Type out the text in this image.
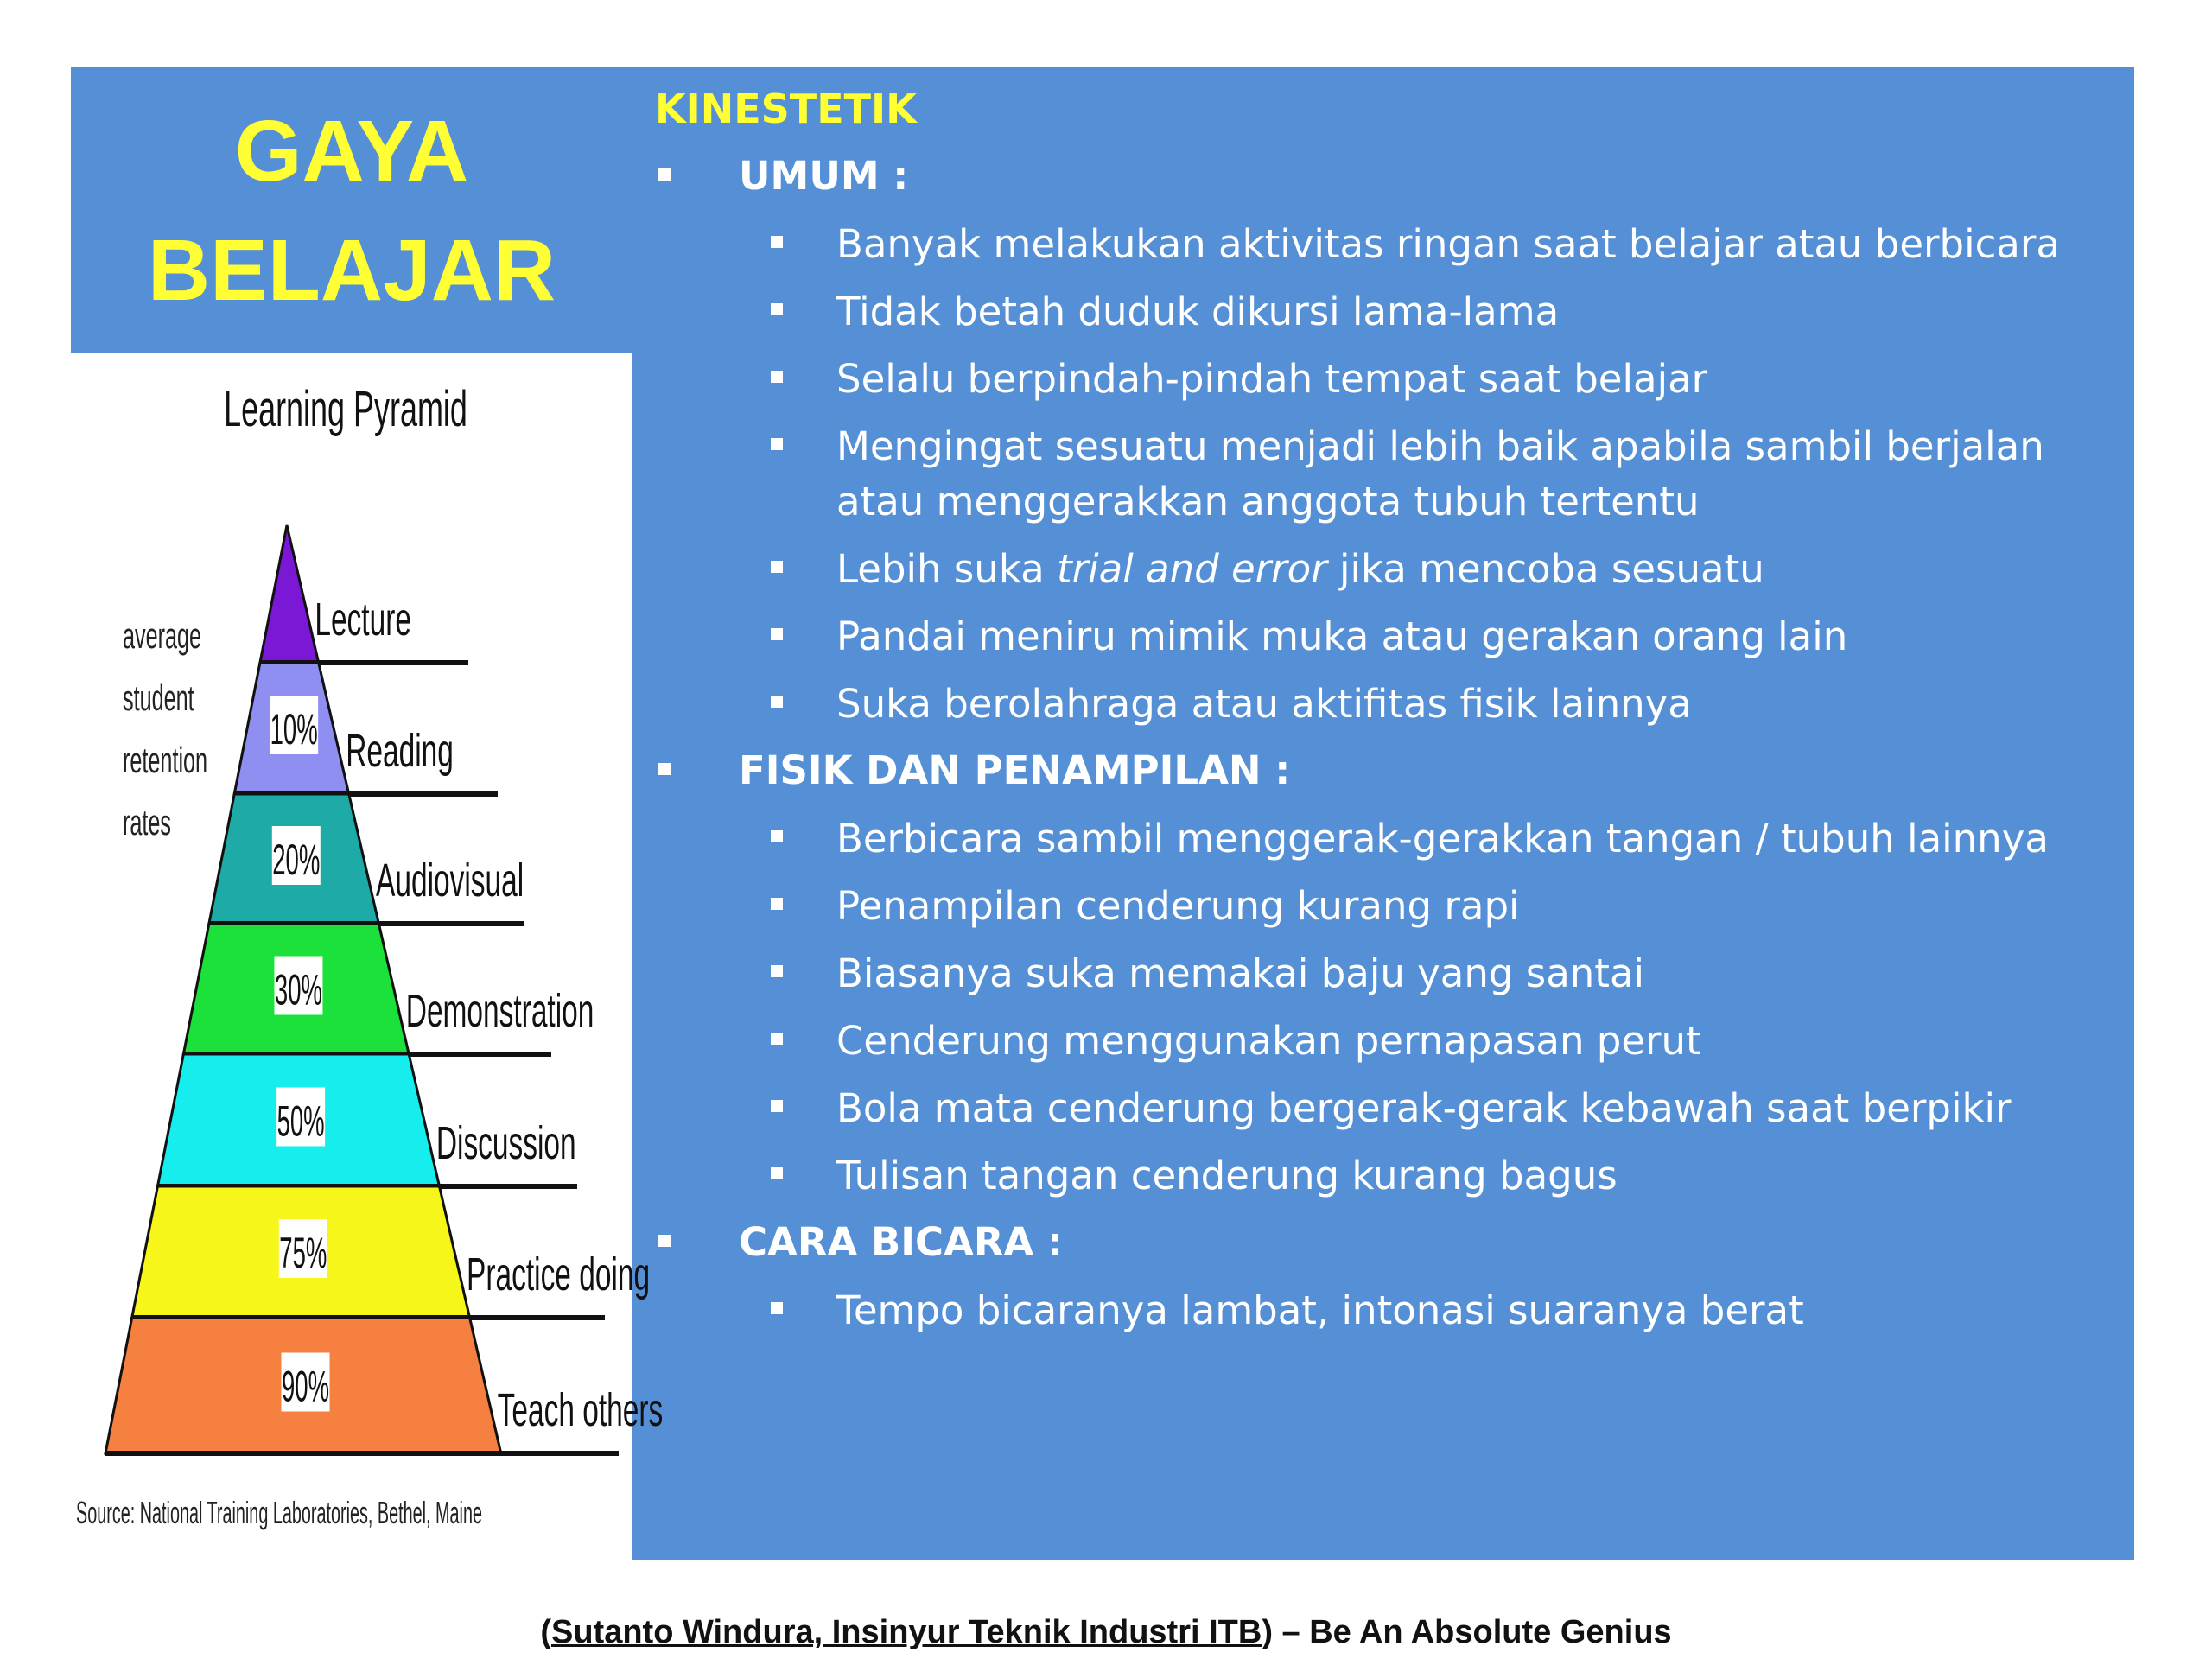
GAYA
BELAJAR
Learning Pyramid
average
student
retention
rates
Lecture
Reading
10%
Audiovisual
20%
Demonstration
30%
Discussion
50%
Practice doing
75%
Teach others
90%
Source: National Training Laboratories, Bethel, Maine
KINESTETIK
UMUM :
Banyak melakukan aktivitas ringan saat belajar atau berbicara
Tidak betah duduk dikursi lama-lama
Selalu berpindah-pindah tempat saat belajar
Mengingat sesuatu menjadi lebih baik apabila sambil berjalan atau menggerakkan anggota tubuh tertentu
Lebih suka trial and error jika mencoba sesuatu
Pandai meniru mimik muka atau gerakan orang lain
Suka berolahraga atau aktifitas fisik lainnya
FISIK DAN PENAMPILAN :
Berbicara sambil menggerak-gerakkan tangan / tubuh lainnya
Penampilan cenderung kurang rapi
Biasanya suka memakai baju yang santai
Cenderung menggunakan pernapasan perut
Bola mata cenderung bergerak-gerak kebawah saat berpikir
Tulisan tangan cenderung kurang bagus
CARA BICARA :
Tempo bicaranya lambat, intonasi suaranya berat
(Sutanto Windura, Insinyur Teknik Industri ITB) – Be An Absolute Genius
